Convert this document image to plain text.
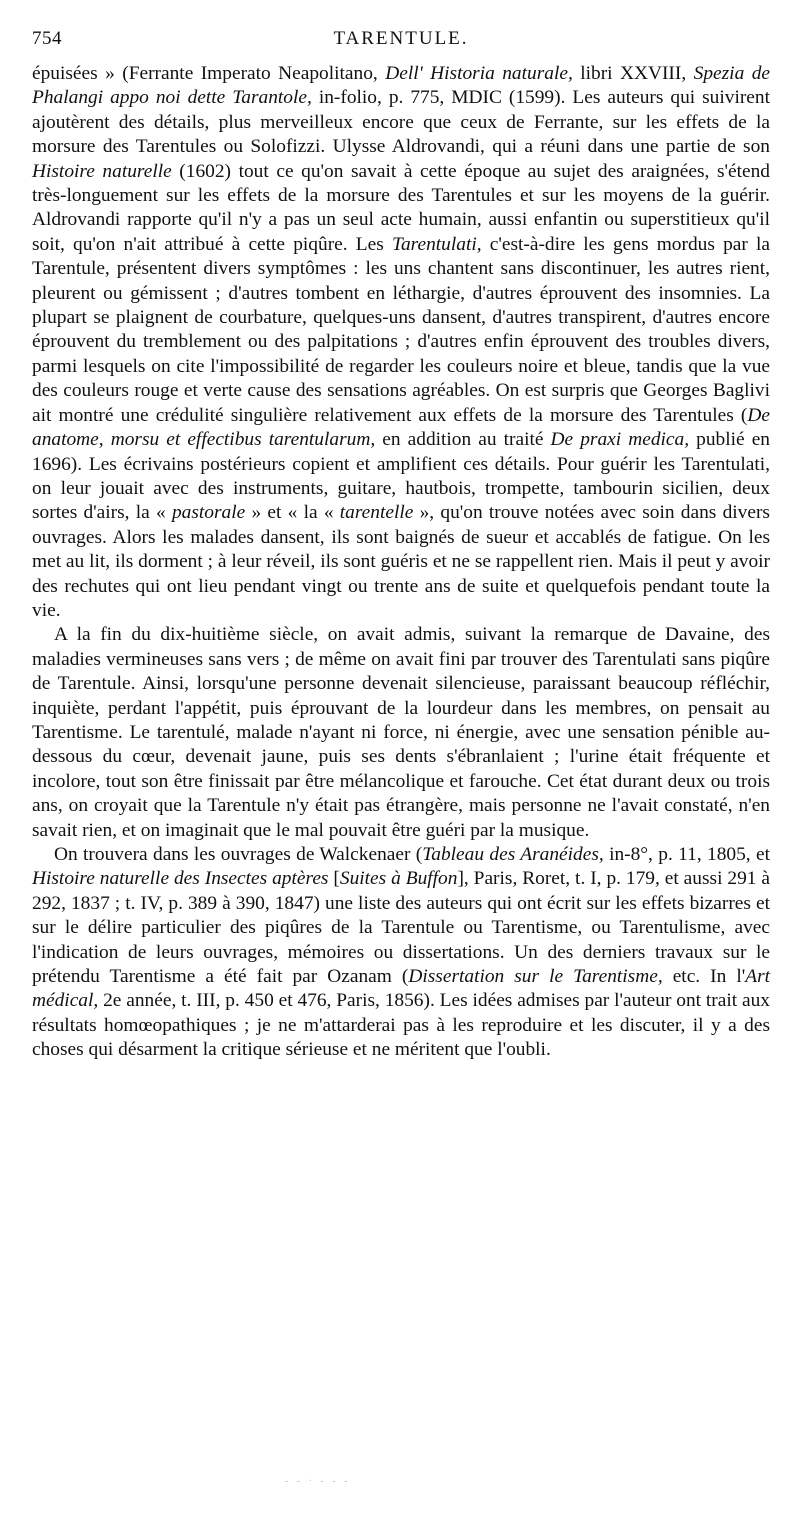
754	TARENTULE.

épuisées » (Ferrante Imperato Neapolitano, Dell' Historia naturale, libri XXVIII, Spezia de Phalangi appo noi dette Tarantole, in-folio, p. 775, MDIC (1599). Les auteurs qui suivirent ajoutèrent des détails, plus merveilleux encore que ceux de Ferrante, sur les effets de la morsure des Tarentules ou Solofizzi. Ulysse Aldrovandi, qui a réuni dans une partie de son Histoire naturelle (1602) tout ce qu'on savait à cette époque au sujet des araignées, s'étend très-longuement sur les effets de la morsure des Tarentules et sur les moyens de la guérir. Aldrovandi rapporte qu'il n'y a pas un seul acte humain, aussi enfantin ou superstitieux qu'il soit, qu'on n'ait attribué à cette piqûre. Les Tarentulati, c'est-à-dire les gens mordus par la Tarentule, présentent divers symptômes : les uns chantent sans discontinuer, les autres rient, pleurent ou gémissent ; d'autres tombent en léthargie, d'autres éprouvent des insomnies. La plupart se plaignent de courbature, quelques-uns dansent, d'autres transpirent, d'autres encore éprouvent du tremblement ou des palpitations ; d'autres enfin éprouvent des troubles divers, parmi lesquels on cite l'impossibilité de regarder les couleurs noire et bleue, tandis que la vue des couleurs rouge et verte cause des sensations agréables. On est surpris que Georges Baglivi ait montré une crédulité singulière relativement aux effets de la morsure des Tarentules (De anatome, morsu et effectibus tarentularum, en addition au traité De praxi medica, publié en 1696). Les écrivains postérieurs copient et amplifient ces détails. Pour guérir les Tarentulati, on leur jouait avec des instruments, guitare, hautbois, trompette, tambourin sicilien, deux sortes d'airs, la « pastorale » et « la « tarentelle », qu'on trouve notées avec soin dans divers ouvrages. Alors les malades dansent, ils sont baignés de sueur et accablés de fatigue. On les met au lit, ils dorment ; à leur réveil, ils sont guéris et ne se rappellent rien. Mais il peut y avoir des rechutes qui ont lieu pendant vingt ou trente ans de suite et quelquefois pendant toute la vie.

A la fin du dix-huitième siècle, on avait admis, suivant la remarque de Davaine, des maladies vermineuses sans vers ; de même on avait fini par trouver des Tarentulati sans piqûre de Tarentule. Ainsi, lorsqu'une personne devenait silencieuse, paraissant beaucoup réfléchir, inquiète, perdant l'appétit, puis éprouvant de la lourdeur dans les membres, on pensait au Tarentisme. Le tarentulé, malade n'ayant ni force, ni énergie, avec une sensation pénible au-dessous du cœur, devenait jaune, puis ses dents s'ébranlaient ; l'urine était fréquente et incolore, tout son être finissait par être mélancolique et farouche. Cet état durant deux ou trois ans, on croyait que la Tarentule n'y était pas étrangère, mais personne ne l'avait constaté, n'en savait rien, et on imaginait que le mal pouvait être guéri par la musique.

On trouvera dans les ouvrages de Walckenaer (Tableau des Aranéides, in-8°, p. 11, 1805, et Histoire naturelle des Insectes aptères [Suites à Buffon], Paris, Roret, t. I, p. 179, et aussi 291 à 292, 1837 ; t. IV, p. 389 à 390, 1847) une liste des auteurs qui ont écrit sur les effets bizarres et sur le délire particulier des piqûres de la Tarentule ou Tarentisme, ou Tarentulisme, avec l'indication de leurs ouvrages, mémoires ou dissertations. Un des derniers travaux sur le prétendu Tarentisme a été fait par Ozanam (Dissertation sur le Tarentisme, etc. In l'Art médical, 2e année, t. III, p. 450 et 476, Paris, 1856). Les idées admises par l'auteur ont trait aux résultats homœopathiques ; je ne m'attarderai pas à les reproduire et les discuter, il y a des choses qui désarment la critique sérieuse et ne méritent que l'oubli.

- - · - - -
